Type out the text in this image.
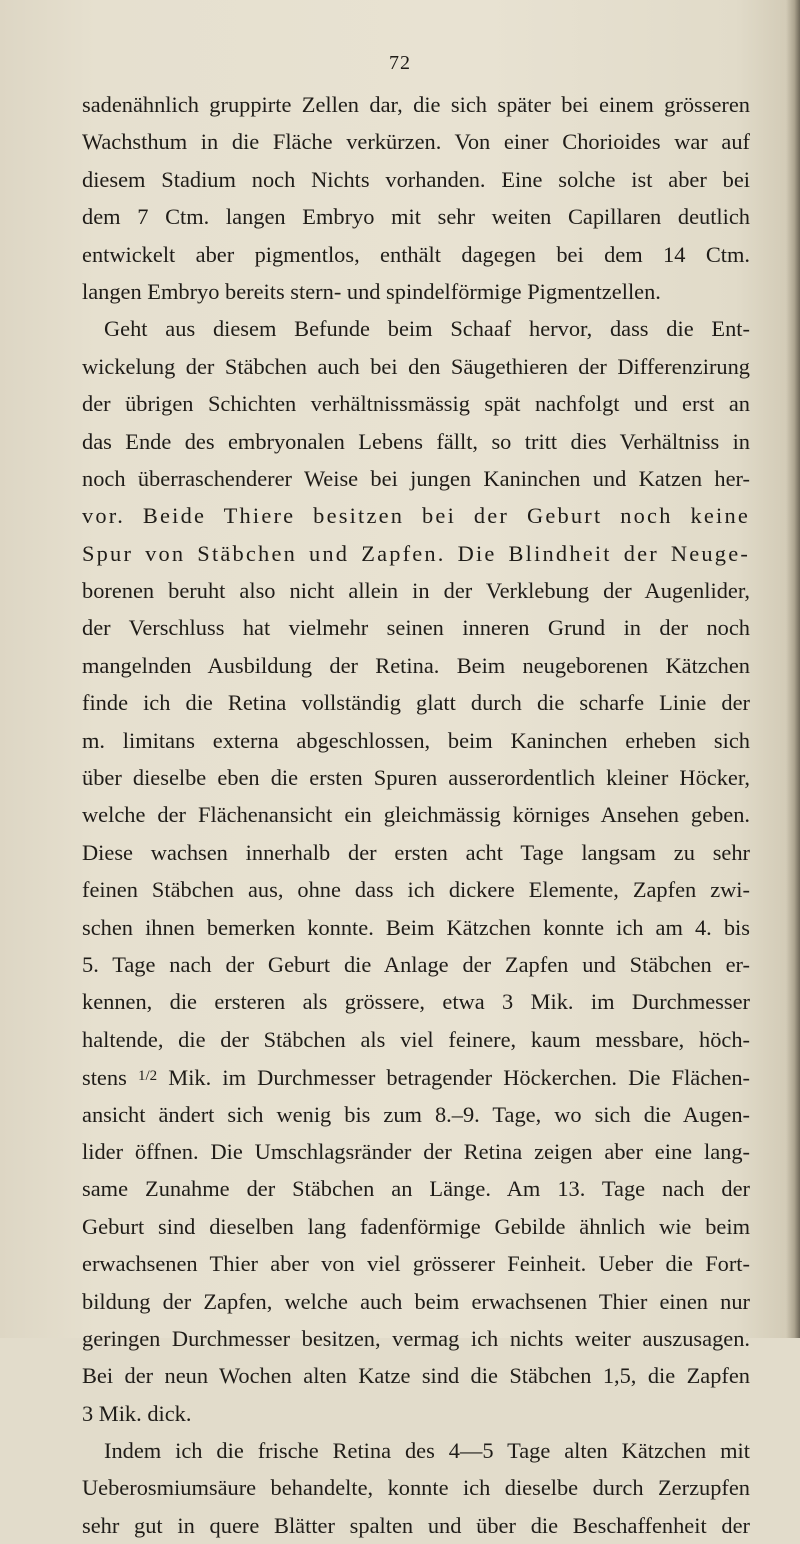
72
sadenähnlich gruppirte Zellen dar, die sich später bei einem grösseren
Wachsthum in die Fläche verkürzen. Von einer Chorioides war auf
diesem Stadium noch Nichts vorhanden. Eine solche ist aber bei
dem 7 Ctm. langen Embryo mit sehr weiten Capillaren deutlich
entwickelt aber pigmentlos, enthält dagegen bei dem 14 Ctm.
langen Embryo bereits stern- und spindelförmige Pigmentzellen.
Geht aus diesem Befunde beim Schaaf hervor, dass die Ent-
wickelung der Stäbchen auch bei den Säugethieren der Differenzirung
der übrigen Schichten verhältnissmässig spät nachfolgt und erst an
das Ende des embryonalen Lebens fällt, so tritt dies Verhältniss in
noch überraschenderer Weise bei jungen Kaninchen und Katzen her-
vor. Beide Thiere besitzen bei der Geburt noch keine
Spur von Stäbchen und Zapfen. Die Blindheit der Neuge-
borenen beruht also nicht allein in der Verklebung der Augenlider,
der Verschluss hat vielmehr seinen inneren Grund in der noch
mangelnden Ausbildung der Retina. Beim neugeborenen Kätzchen
finde ich die Retina vollständig glatt durch die scharfe Linie der
m. limitans externa abgeschlossen, beim Kaninchen erheben sich
über dieselbe eben die ersten Spuren ausserordentlich kleiner Höcker,
welche der Flächenansicht ein gleichmässig körniges Ansehen geben.
Diese wachsen innerhalb der ersten acht Tage langsam zu sehr
feinen Stäbchen aus, ohne dass ich dickere Elemente, Zapfen zwi-
schen ihnen bemerken konnte. Beim Kätzchen konnte ich am 4. bis
5. Tage nach der Geburt die Anlage der Zapfen und Stäbchen er-
kennen, die ersteren als grössere, etwa 3 Mik. im Durchmesser
haltende, die der Stäbchen als viel feinere, kaum messbare, höch-
stens $^{1/2}$ Mik. im Durchmesser betragender Höckerchen. Die Flächen-
ansicht ändert sich wenig bis zum 8.–9. Tage, wo sich die Augen-
lider öffnen. Die Umschlagsränder der Retina zeigen aber eine lang-
same Zunahme der Stäbchen an Länge. Am 13. Tage nach der
Geburt sind dieselben lang fadenförmige Gebilde ähnlich wie beim
erwachsenen Thier aber von viel grösserer Feinheit. Ueber die Fort-
bildung der Zapfen, welche auch beim erwachsenen Thier einen nur
geringen Durchmesser besitzen, vermag ich nichts weiter auszusagen.
Bei der neun Wochen alten Katze sind die Stäbchen 1,5, die Zapfen
3 Mik. dick.
Indem ich die frische Retina des 4—5 Tage alten Kätzchen mit
Ueberosmiumsäure behandelte, konnte ich dieselbe durch Zerzupfen
sehr gut in quere Blätter spalten und über die Beschaffenheit der
